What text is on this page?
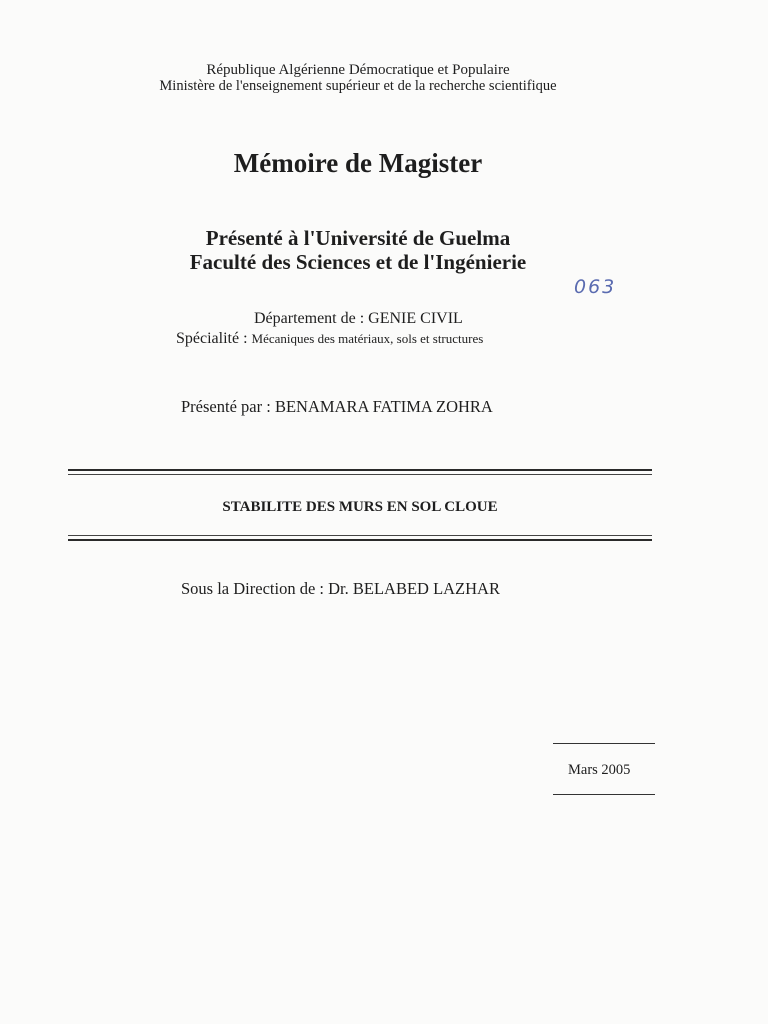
République Algérienne Démocratique et Populaire
Ministère de l'enseignement supérieur et de la recherche scientifique
Mémoire de Magister
Présenté à l'Université de Guelma
Faculté des Sciences et de l'Ingénierie
063
Département de : GENIE CIVIL
Spécialité : Mécaniques des matériaux, sols et structures
Présenté par : BENAMARA FATIMA ZOHRA
STABILITE DES MURS EN SOL CLOUE
Sous la Direction de : Dr. BELABED LAZHAR
Mars 2005
